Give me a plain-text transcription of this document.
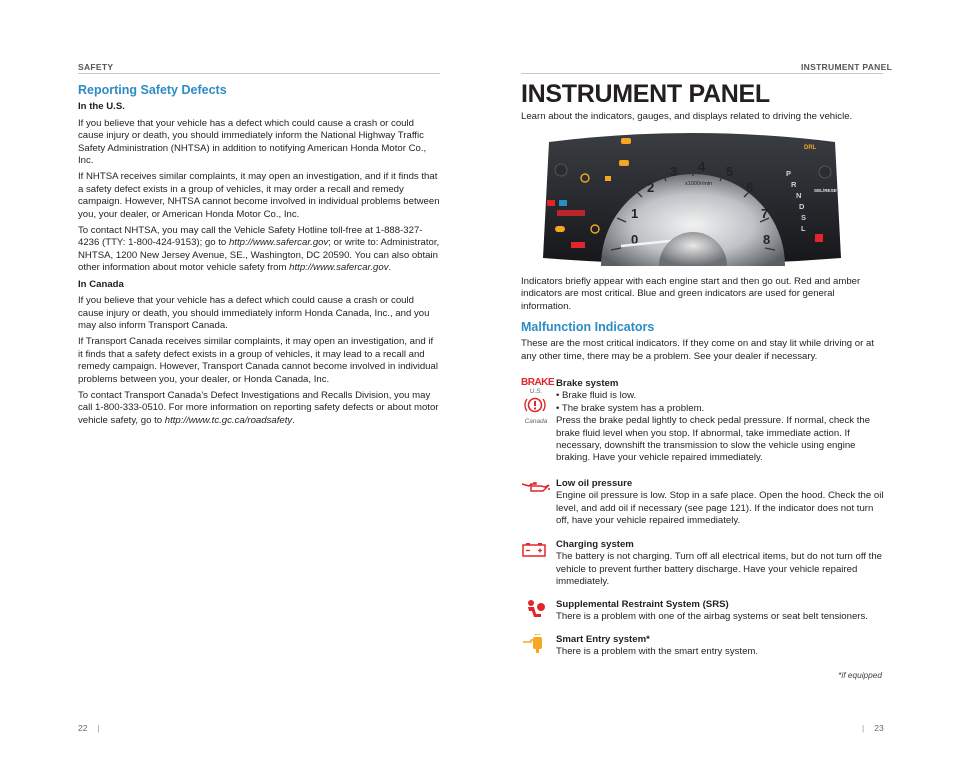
SAFETY	INSTRUMENT PANEL
Reporting Safety Defects

In the U.S.

If you believe that your vehicle has a defect which could cause a crash or could cause injury or death, you should immediately inform the National Highway Traffic Safety Administration (NHTSA) in addition to notifying American Honda Motor Co., Inc.

If NHTSA receives similar complaints, it may open an investigation, and if it finds that a safety defect exists in a group of vehicles, it may order a recall and remedy campaign. However, NHTSA cannot become involved in individual problems between you, your dealer, or American Honda Motor Co., Inc.

To contact NHTSA, you may call the Vehicle Safety Hotline toll-free at 1-888-327-4236 (TTY: 1-800-424-9153); go to http://www.safercar.gov; or write to: Administrator, NHTSA, 1200 New Jersey Avenue, SE., Washington, DC 20590. You can also obtain other information about motor vehicle safety from http://www.safercar.gov.

In Canada

If you believe that your vehicle has a defect which could cause a crash or could cause injury or death, you should immediately inform Honda Canada, Inc., and you may also inform Transport Canada.

If Transport Canada receives similar complaints, it may open an investigation, and if it finds that a safety defect exists in a group of vehicles, it may lead to a recall and remedy campaign. However, Transport Canada cannot become involved in individual problems between you, your dealer, or Honda Canada, Inc.

To contact Transport Canada’s Defect Investigations and Recalls Division, you may call 1-800-333-0510. For more information on reporting safety defects or about motor vehicle safety, go to http://www.tc.gc.ca/roadsafety.

INSTRUMENT PANEL
Learn about the indicators, gauges, and displays related to driving the vehicle.
0
1
2
3 4 5
6
7
8
x1000r/min
P
R
N
D
S
L
DRL
SEL/RESET
Indicators briefly appear with each engine start and then go out. Red and amber indicators are most critical. Blue and green indicators are used for general information.
Malfunction Indicators

These are the most critical indicators. If they come on and stay lit while driving or at any other time, there may be a problem. See your dealer if necessary.

BRAKE
U.S.
Canada

Brake system

• Brake fluid is low.

• The brake system has a problem.

Press the brake pedal lightly to check pedal pressure. If normal, check the brake fluid level when you stop. If abnormal, take immediate action. If necessary, downshift the transmission to slow the vehicle using engine braking. Have your vehicle repaired immediately.

Low oil pressure

Engine oil pressure is low. Stop in a safe place. Open the hood. Check the oil level, and add oil if necessary (see page 121). If the indicator does not turn off, have your vehicle repaired immediately.

Charging system

The battery is not charging. Turn off all electrical items, but do not turn off the vehicle to prevent further battery discharge. Have your vehicle repaired immediately.

Supplemental Restraint System (SRS)

There is a problem with one of the airbag systems or seat belt tensioners.

Smart Entry system*

There is a problem with the smart entry system.

*if equipped
22 |	| 23
